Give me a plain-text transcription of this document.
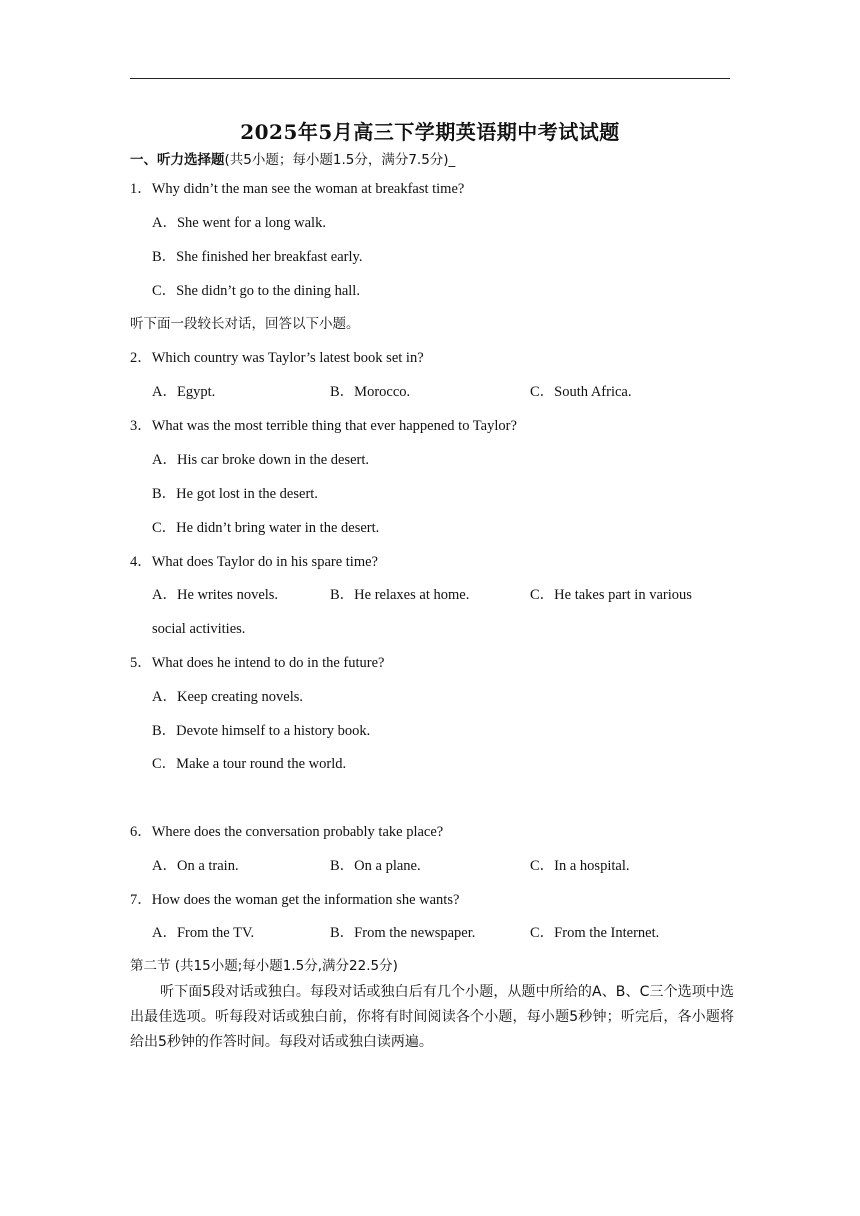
2025年5月高三下学期英语期中考试试题
一、听力选择题(共5小题；每小题1.5分，满分7.5分)_
1．Why didn’t the man see the woman at breakfast time?
A．She went for a long walk.
B．She finished her breakfast early.
C．She didn’t go to the dining hall.
听下面一段较长对话，回答以下小题。
2．Which country was Taylor’s latest book set in?
A．Egypt.	B．Morocco.	C．South Africa.
3．What was the most terrible thing that ever happened to Taylor?
A．His car broke down in the desert.
B．He got lost in the desert.
C．He didn’t bring water in the desert.
4．What does Taylor do in his spare time?
A．He writes novels.	B．He relaxes at home.	C．He takes part in various
social activities.
5．What does he intend to do in the future?
A．Keep creating novels.
B．Devote himself to a history book.
C．Make a tour round the world.
6．Where does the conversation probably take place?
A．On a train.	B．On a plane.	C．In a hospital.
7．How does the woman get the information she wants?
A．From the TV.	B．From the newspaper.	C．From the Internet.
第二节 (共15小题;每小题1.5分,满分22.5分)
听下面5段对话或独白。每段对话或独白后有几个小题，从题中所给的A、B、C三个选项中选出最佳选项。听每段对话或独白前，你将有时间阅读各个小题，每小题5秒钟；听完后，各小题将给出5秒钟的作答时间。每段对话或独白读两遍。
